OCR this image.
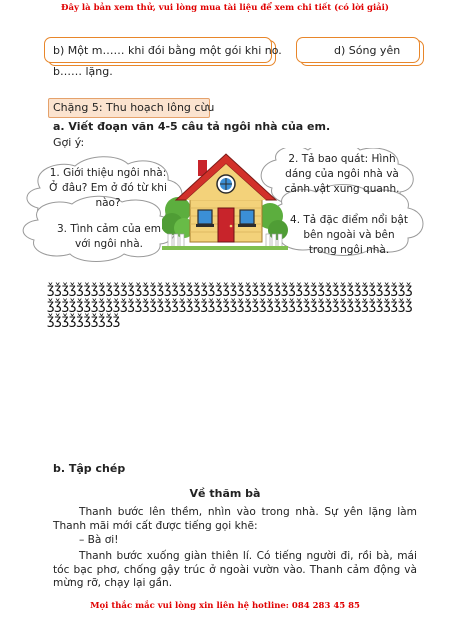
Đây là bản xem thử, vui lòng mua tài liệu để xem chi tiết (có lời giải)
b) Một m…… khi đói bằng một gói khi no.
b…… lặng.
d) Sóng yên
Chặng 5: Thu hoạch lông cừu
a. Viết đoạn văn 4-5 câu tả ngôi nhà của em.
Gợi ý:
1. Giới thiệu ngôi nhà: Ở đâu? Em ở đó từ khi nào?
2. Tả bao quát: Hình dáng của ngôi nhà và cảnh vật xung quanh.
3. Tình cảm của em với ngôi nhà.
4. Tả đặc điểm nổi bật bên ngoài và bên trong ngôi nhà.
ǯǯǯǯǯǯǯǯǯǯǯǯǯǯǯǯǯǯǯǯǯǯǯǯǯǯǯǯǯǯǯǯǯǯǯǯǯǯǯǯǯǯǯǯǯǯǯǯǯǯǯǯǯǯǯǯǯǯǯǯǯǯǯǯǯǯǯǯǯǯǯǯǯǯǯǯǯǯǯǯǯǯǯǯǯǯǯǯǯǯǯǯǯǯǯǯǯǯǯǯǯǯǯǯǯǯǯǯǯǯ
b. Tập chép
Về thăm bà
Thanh bước lên thềm, nhìn vào trong nhà. Sự yên lặng làm Thanh mãi mới cất được tiếng gọi khẽ:
– Bà ơi!
Thanh bước xuống giàn thiên lí. Có tiếng người đi, rồi bà, mái tóc bạc phơ, chống gậy trúc ở ngoài vườn vào. Thanh cảm động và mừng rỡ, chạy lại gần.
Mọi thắc mắc vui lòng xin liên hệ hotline: 084 283 45 85
